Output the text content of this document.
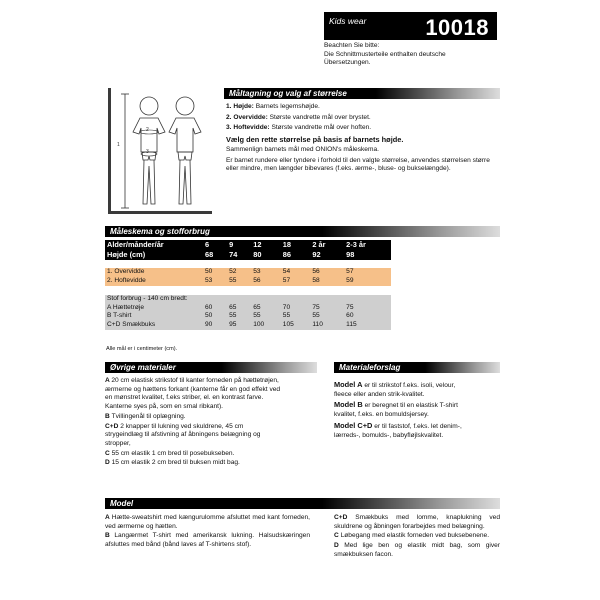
Kids wear	10018
Beachten Sie bitte:
Die Schnittmusterteile enthalten deutsche
Übersetzungen.
1
2
3
Måltagning og valg af størrelse

1. Højde: Barnets legemshøjde.

2. Overvidde: Største vandrette mål over brystet.

3. Hoftevidde: Største vandrette mål over hoften.

Vælg den rette størrelse på basis af barnets højde.

Sammenlign barnets mål med ONION's måleskema.

Er barnet rundere eller tyndere i forhold til den valgte størrelse, anvendes størrelsen større eller mindre, men længder bibevares (f.eks. ærme-, bluse- og bukselængde).

Måleskema og stofforbrug
Alder/månder/år	6	9	12	18	2 år	2-3 år
Højde (cm)	68	74	80	86	92	98

1. Overvidde	50	52	53	54	56	57
2. Hoftevidde	53	55	56	57	58	59

Stof forbrug - 140 cm bredt:						
A Hættetrøje	60	65	65	70	75	75
B T-shirt	50	55	55	55	55	60
C+D Smækbuks	90	95	100	105	110	115
Alle mål er i centimeter (cm).
Øvrige materialer

A 20 cm elastisk strikstof til kanter forneden på hættetrøjen,
ærmerne og hættens forkant (kanterne får en god effekt ved
en mønstret kvalitet, f.eks striber, el. en kontrast farve.
Kanterne syes på, som en smal ribkant).

B Tvillingenål til oplægning.

C+D 2 knapper til lukning ved skuldrene, 45 cm
strygeindlæg til afstivning af åbningens belægning og
stropper,

C 55 cm elastik 1 cm bred til posebukseben.

D 15 cm elastik 2 cm bred til buksen midt bag.

Materialeforslag

Model A er til strikstof f.eks. isoli, velour,
fleece eller anden strik-kvalitet.

Model B er beregnet til en elastisk T-shirt
kvalitet, f.eks. en bomuldsjersey.

Model C+D er til faststof, f.eks. let denim-,
lærreds-, bomulds-, babyfløjlskvalitet.

Model

A Hætte-sweatshirt med kængurulomme afsluttet med kant forneden, ved ærmerne og hætten.

B Langærmet T-shirt med amerikansk lukning. Halsudskæringen afsluttes med bånd (bånd laves af T-shirtens stof).

C+D Smækbuks med lomme, knaplukning ved skuldrene og åbningen forarbejdes med belægning.

C Løbegang med elastik forneden ved buksebenene.

D Med lige ben og elastik midt bag, som giver smækbuksen facon.
